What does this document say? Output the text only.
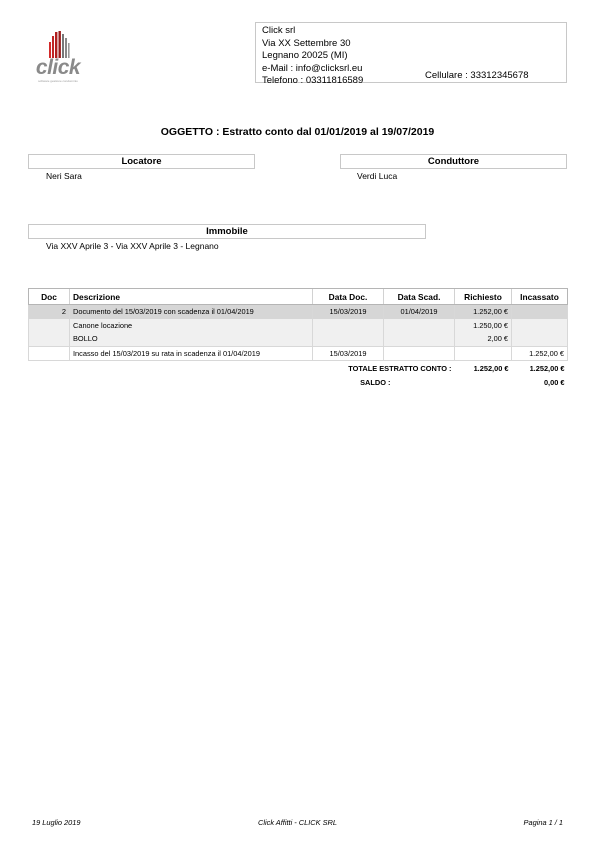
click
software gestione condominio
Click srl
Via XX Settembre 30
Legnano 20025 (MI)
e-Mail : info@clicksrl.eu
Telefono : 03311816589	Cellulare : 33312345678
OGGETTO : Estratto conto dal 01/01/2019 al 19/07/2019
Locatore
Neri Sara
Conduttore
Verdi Luca
Immobile
Via XXV Aprile 3 - Via XXV Aprile 3 - Legnano
Doc	Descrizione	Data Doc.	Data Scad.	Richiesto	Incassato
2	Documento del 15/03/2019 con scadenza il 01/04/2019	15/03/2019	01/04/2019	1.252,00 €	
	Canone locazione			1.250,00 €	
	BOLLO			2,00 €	
	Incasso del 15/03/2019 su rata in scadenza il 01/04/2019	15/03/2019			1.252,00 €
TOTALE ESTRATTO CONTO :				1.252,00 €	1.252,00 €
SALDO :					0,00 €
19 Luglio 2019	Click Affitti - CLICK SRL	Pagina 1 / 1
